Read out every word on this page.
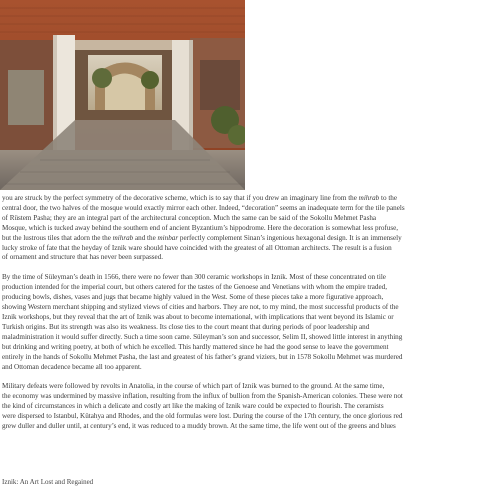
you are struck by the perfect symmetry of the decorative scheme, which is to say that if you drew an imaginary line from the mihrab to the
central door, the two halves of the mosque would exactly mirror each other. Indeed, “decoration” seems an inadequate term for the tile panels
of Rüstem Pasha; they are an integral part of the architectural conception. Much the same can be said of the Sokollu Mehmet Pasha
Mosque, which is tucked away behind the southern end of ancient Byzantium’s hippodrome. Here the decoration is somewhat less profuse,
but the lustrous tiles that adorn the the mihrab and the minbar perfectly complement Sinan’s ingenious hexagonal design. It is an immensely
lucky stroke of fate that the heyday of Iznik ware should have coincided with the greatest of all Ottoman architects. The result is a fusion
of ornament and structure that has never been surpassed.

By the time of Süleyman’s death in 1566, there were no fewer than 300 ceramic workshops in Iznik. Most of these concentrated on tile
production intended for the imperial court, but others catered for the tastes of the Genoese and Venetians with whom the empire traded,
producing bowls, dishes, vases and jugs that became highly valued in the West. Some of these pieces take a more figurative approach,
showing Western merchant shipping and stylized views of cities and harbors. They are not, to my mind, the most successful products of the
Iznik workshops, but they reveal that the art of Iznik was about to become international, with implications that went beyond its Islamic or
Turkish origins. But its strength was also its weakness. Its close ties to the court meant that during periods of poor leadership and
maladministration it would suffer directly. Such a time soon came. Süleyman’s son and successor, Selim II, showed little interest in anything
but drinking and writing poetry, at both of which he excelled. This hardly mattered since he had the good sense to leave the government
entirely in the hands of Sokollu Mehmet Pasha, the last and greatest of his father’s grand viziers, but in 1578 Sokollu Mehmet was murdered
and Ottoman decadence became all too apparent.

Military defeats were followed by revolts in Anatolia, in the course of which part of Iznik was burned to the ground. At the same time,
the economy was undermined by massive inflation, resulting from the influx of bullion from the Spanish-American colonies. These were not
the kind of circumstances in which a delicate and costly art like the making of Iznik ware could be expected to flourish. The ceramists
were dispersed to Istanbul, Kütahya and Rhodes, and the old formulas were lost. During the course of the 17th century, the once glorious red
grew duller and duller until, at century’s end, it was reduced to a muddy brown. At the same time, the life went out of the greens and blues

Iznik: An Art Lost and Regained
